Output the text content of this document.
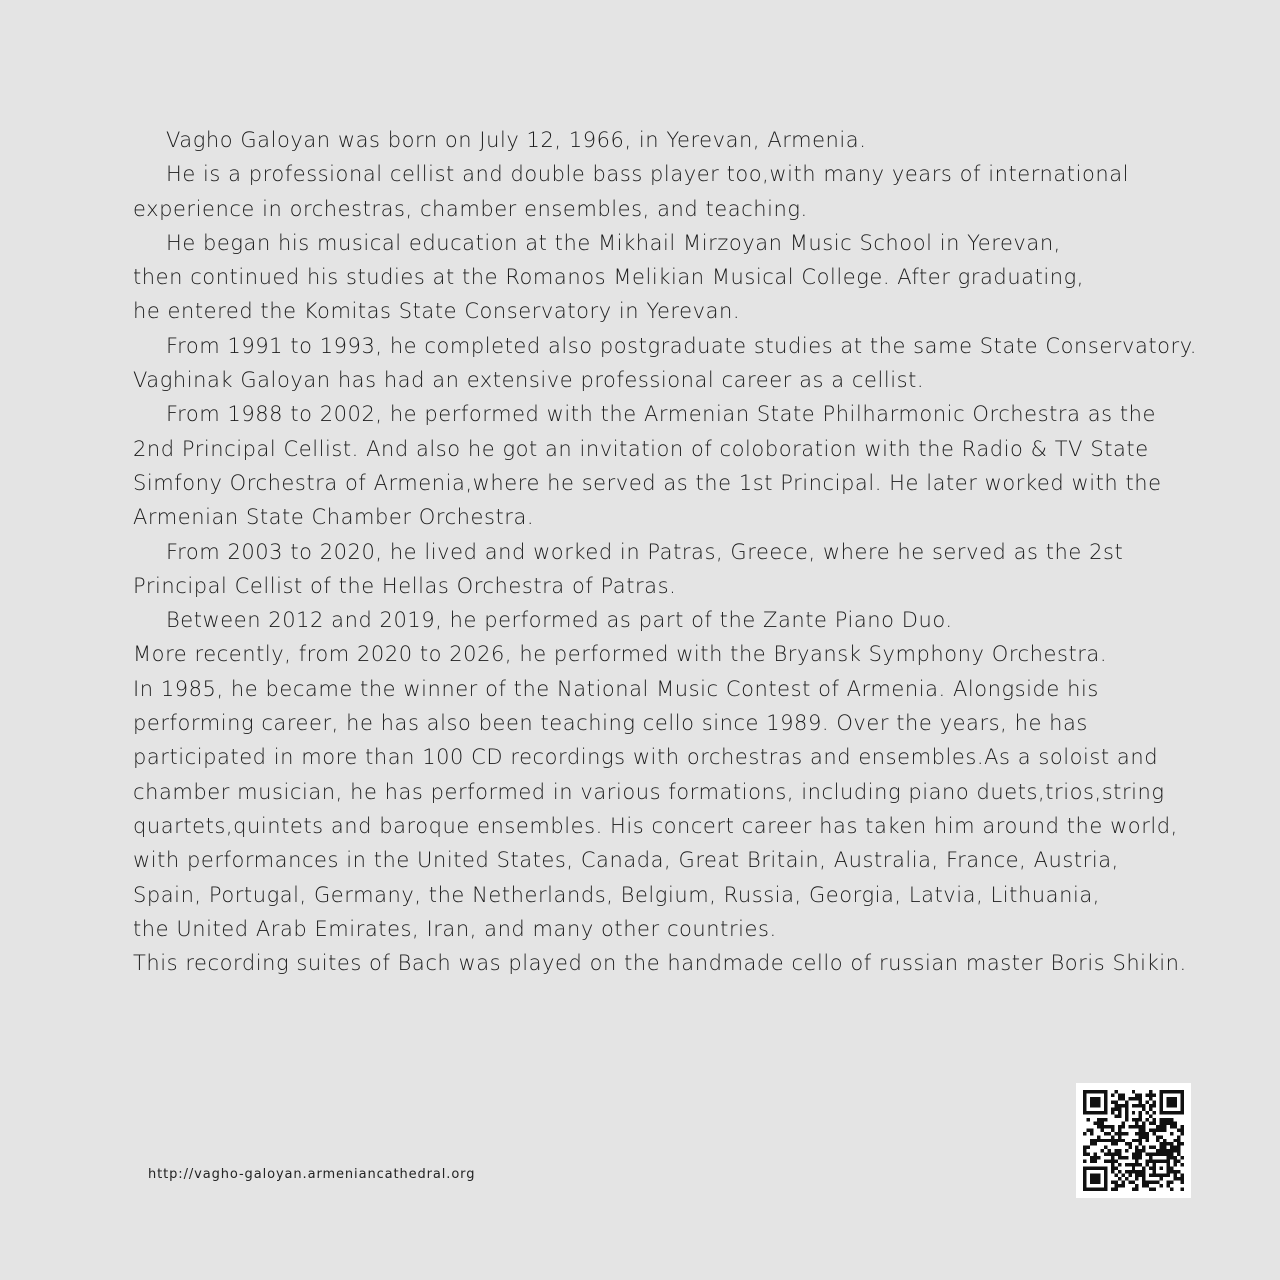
Vagho Galoyan was born on July 12, 1966, in Yerevan, Armenia.
He is a professional cellist and double bass player too,with many years of international
experience in orchestras, chamber ensembles, and teaching.
He began his musical education at the Mikhail Mirzoyan Music School in Yerevan,
then continued his studies at the Romanos Melikian Musical College. After graduating,
he entered the Komitas State Conservatory in Yerevan.
From 1991 to 1993, he completed also postgraduate studies at the same State Conservatory.
Vaghinak Galoyan has had an extensive professional career as a cellist.
From 1988 to 2002, he performed with the Armenian State Philharmonic Orchestra as the
2nd Principal Cellist. And also he got an invitation of coloboration with the Radio & TV State
Simfony Orchestra of Armenia,where he served as the 1st Principal. He later worked with the
Armenian State Chamber Orchestra.
From 2003 to 2020, he lived and worked in Patras, Greece, where he served as the 2st
Principal Cellist of the Hellas Orchestra of Patras.
Between 2012 and 2019, he performed as part of the Zante Piano Duo.
More recently, from 2020 to 2026, he performed with the Bryansk Symphony Orchestra.
In 1985, he became the winner of the National Music Contest of Armenia. Alongside his
performing career, he has also been teaching cello since 1989. Over the years, he has
participated in more than 100 CD recordings with orchestras and ensembles.As a soloist and
chamber musician, he has performed in various formations, including piano duets,trios,string
quartets,quintets and baroque ensembles. His concert career has taken him around the world,
with performances in the United States, Canada, Great Britain, Australia, France, Austria,
Spain, Portugal, Germany, the Netherlands, Belgium, Russia, Georgia, Latvia, Lithuania,
the United Arab Emirates, Iran, and many other countries.
This recording suites of Bach was played on the handmade cello of russian master Boris Shikin.
http://vagho-galoyan.armeniancathedral.org
